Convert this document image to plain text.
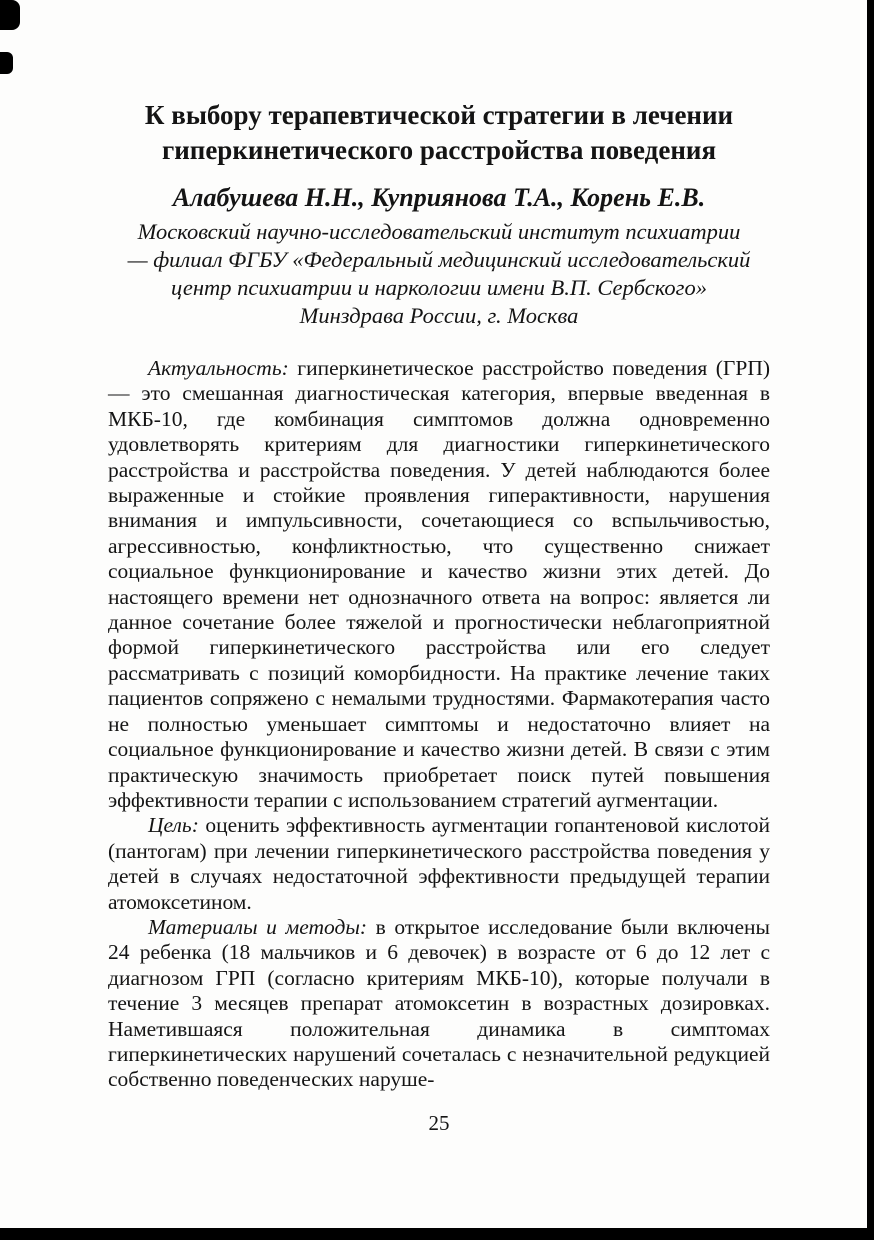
К выбору терапевтической стратегии в лечении
гиперкинетического расстройства поведения
Алабушева Н.Н., Куприянова Т.А., Корень Е.В.
Московский научно-исследовательский институт психиатрии
— филиал ФГБУ «Федеральный медицинский исследовательский
центр психиатрии и наркологии имени В.П. Сербского»
Минздрава России, г. Москва

Актуальность: гиперкинетическое расстройство поведения (ГРП) — это смешанная диагностическая категория, впервые введенная в МКБ-10, где комбинация симптомов должна одновременно удовлетворять критериям для диагностики гиперкинетического расстройства и расстройства поведения. У детей наблюдаются более выраженные и стойкие проявления гиперактивности, нарушения внимания и импульсивности, сочетающиеся со вспыльчивостью, агрессивностью, конфликтностью, что существенно снижает социальное функционирование и качество жизни этих детей. До настоящего времени нет однозначного ответа на вопрос: является ли данное сочетание более тяжелой и прогностически неблагоприятной формой гиперкинетического расстройства или его следует рассматривать с позиций коморбидности. На практике лечение таких пациентов сопряжено с немалыми трудностями. Фармакотерапия часто не полностью уменьшает симптомы и недостаточно влияет на социальное функционирование и качество жизни детей. В связи с этим практическую значимость приобретает поиск путей повышения эффективности терапии с использованием стратегий аугментации.

Цель: оценить эффективность аугментации гопантеновой кислотой (пантогам) при лечении гиперкинетического расстройства поведения у детей в случаях недостаточной эффективности предыдущей терапии атомоксетином.

Материалы и методы: в открытое исследование были включены 24 ребенка (18 мальчиков и 6 девочек) в возрасте от 6 до 12 лет с диагнозом ГРП (согласно критериям МКБ-10), которые получали в течение 3 месяцев препарат атомоксетин в возрастных дозировках. Наметившаяся положительная динамика в симптомах гиперкинетических нарушений сочеталась с незначительной редукцией собственно поведенческих наруше-

25
